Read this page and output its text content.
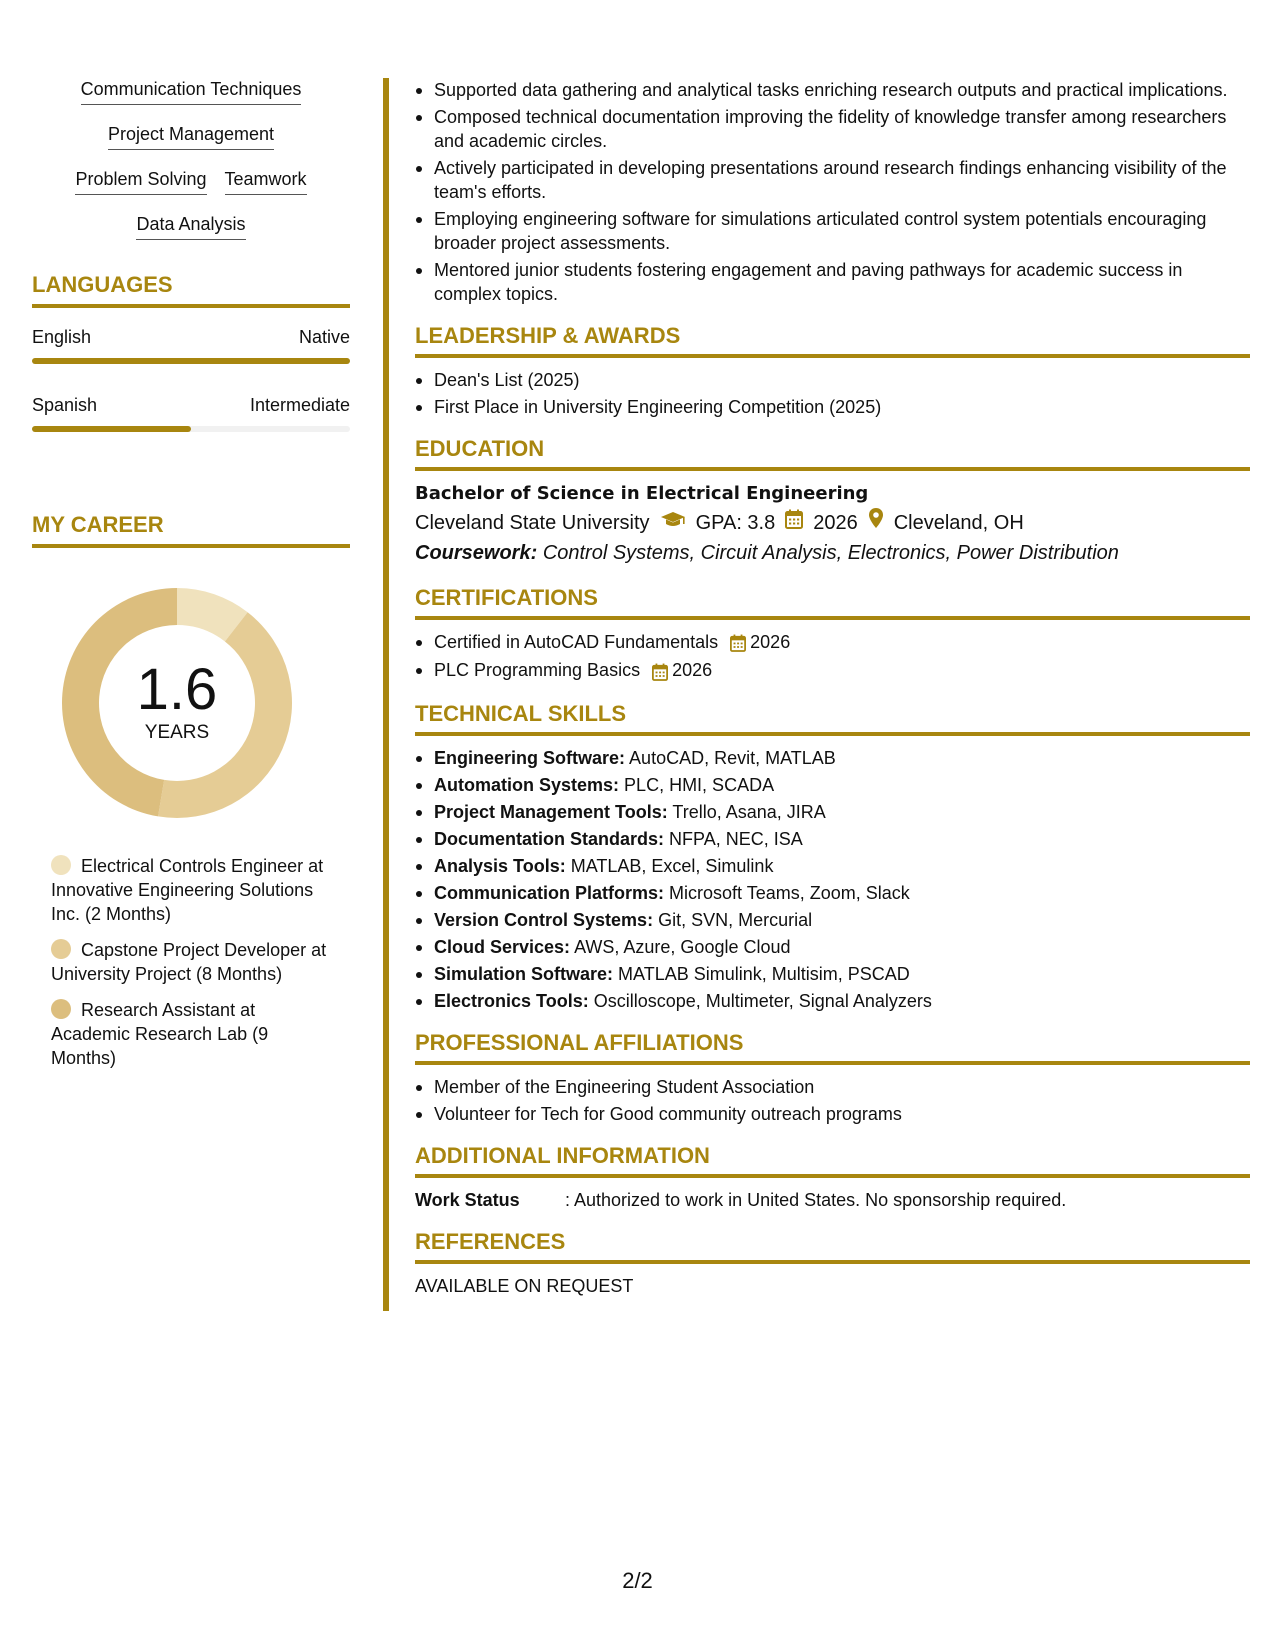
Communication Techniques
Project Management
Problem Solving Teamwork
Data Analysis
LANGUAGES
English	Native
Spanish	Intermediate
MY CAREER
1.6
YEARS
Electrical Controls Engineer at Innovative Engineering Solutions Inc. (2 Months)
Capstone Project Developer at University Project (8 Months)
Research Assistant at Academic Research Lab (9 Months)
Supported data gathering and analytical tasks enriching research outputs and practical implications.
Composed technical documentation improving the fidelity of knowledge transfer among researchers and academic circles.
Actively participated in developing presentations around research findings enhancing visibility of the team's efforts.
Employing engineering software for simulations articulated control system potentials encouraging broader project assessments.
Mentored junior students fostering engagement and paving pathways for academic success in complex topics.
LEADERSHIP & AWARDS
Dean's List (2025)
First Place in University Engineering Competition (2025)
EDUCATION
Bachelor of Science in Electrical Engineering
Cleveland State University GPA: 3.8 2026 Cleveland, OH
Coursework: Control Systems, Circuit Analysis, Electronics, Power Distribution
CERTIFICATIONS
Certified in AutoCAD Fundamentals 2026
PLC Programming Basics 2026
TECHNICAL SKILLS
Engineering Software: AutoCAD, Revit, MATLAB
Automation Systems: PLC, HMI, SCADA
Project Management Tools: Trello, Asana, JIRA
Documentation Standards: NFPA, NEC, ISA
Analysis Tools: MATLAB, Excel, Simulink
Communication Platforms: Microsoft Teams, Zoom, Slack
Version Control Systems: Git, SVN, Mercurial
Cloud Services: AWS, Azure, Google Cloud
Simulation Software: MATLAB Simulink, Multisim, PSCAD
Electronics Tools: Oscilloscope, Multimeter, Signal Analyzers
PROFESSIONAL AFFILIATIONS
Member of the Engineering Student Association
Volunteer for Tech for Good community outreach programs
ADDITIONAL INFORMATION
Work Status	: Authorized to work in United States. No sponsorship required.
REFERENCES
AVAILABLE ON REQUEST
2/2
